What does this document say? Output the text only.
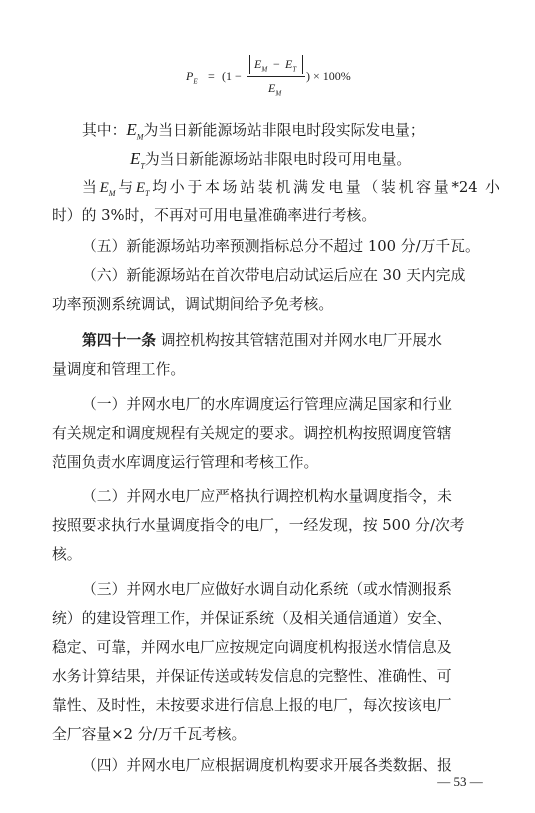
$P_E = (1$ −
$E_M - E_T$
$E_M$
) × 100%
其中：$E_M$为当日新能源场站非限电时段实际发电量；
$E_T$为当日新能源场站非限电时段可用电量。
当$E_M$与$E_T$均小于本场站装机满发电量（装机容量*24 小
时）的 3%时，不再对可用电量准确率进行考核。
（五）新能源场站功率预测指标总分不超过 100 分/万千瓦。
（六）新能源场站在首次带电启动试运后应在 30 天内完成
功率预测系统调试，调试期间给予免考核。
第四十一条 调控机构按其管辖范围对并网水电厂开展水
量调度和管理工作。
（一）并网水电厂的水库调度运行管理应满足国家和行业
有关规定和调度规程有关规定的要求。调控机构按照调度管辖
范围负责水库调度运行管理和考核工作。
（二）并网水电厂应严格执行调控机构水量调度指令，未
按照要求执行水量调度指令的电厂，一经发现，按 500 分/次考
核。
（三）并网水电厂应做好水调自动化系统（或水情测报系
统）的建设管理工作，并保证系统（及相关通信通道）安全、
稳定、可靠，并网水电厂应按规定向调度机构报送水情信息及
水务计算结果，并保证传送或转发信息的完整性、准确性、可
靠性、及时性，未按要求进行信息上报的电厂，每次按该电厂
全厂容量×2 分/万千瓦考核。
（四）并网水电厂应根据调度机构要求开展各类数据、报
— 53 —
